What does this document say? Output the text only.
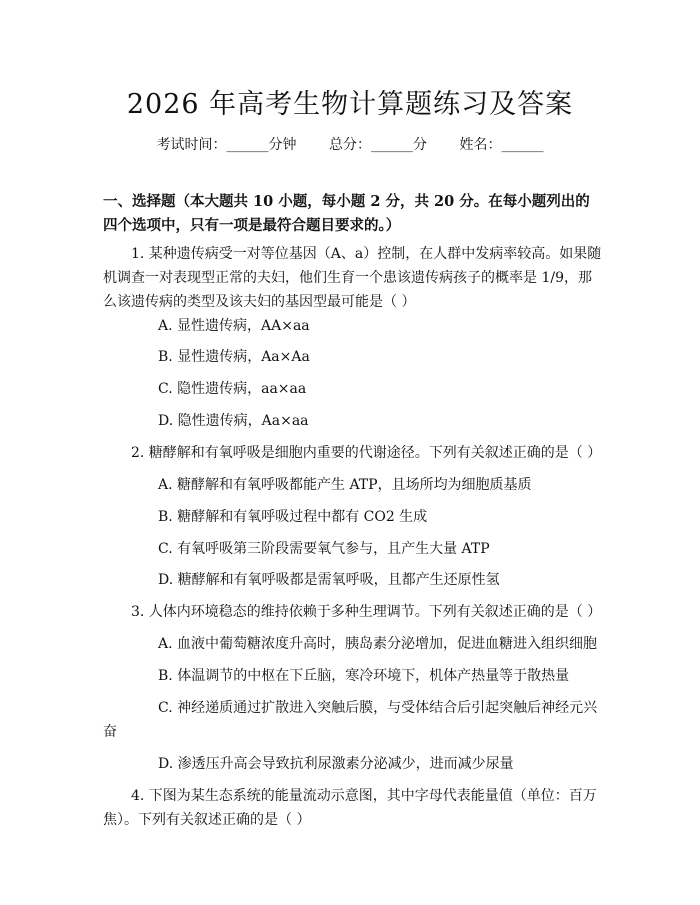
2026 年高考生物计算题练习及答案
考试时间：______分钟 总分：______分 姓名：______
一、选择题（本大题共 10 小题，每小题 2 分，共 20 分。在每小题列出的四个选项中，只有一项是最符合题目要求的。）
1. 某种遗传病受一对等位基因（A、a）控制，在人群中发病率较高。如果随机调查一对表现型正常的夫妇，他们生育一个患该遗传病孩子的概率是 1/9，那么该遗传病的类型及该夫妇的基因型最可能是（ ）
A. 显性遗传病，AA×aa
B. 显性遗传病，Aa×Aa
C. 隐性遗传病，aa×aa
D. 隐性遗传病，Aa×aa
2. 糖酵解和有氧呼吸是细胞内重要的代谢途径。下列有关叙述正确的是（ ）
A. 糖酵解和有氧呼吸都能产生 ATP，且场所均为细胞质基质
B. 糖酵解和有氧呼吸过程中都有 CO2 生成
C. 有氧呼吸第三阶段需要氧气参与，且产生大量 ATP
D. 糖酵解和有氧呼吸都是需氧呼吸，且都产生还原性氢
3. 人体内环境稳态的维持依赖于多种生理调节。下列有关叙述正确的是（ ）
A. 血液中葡萄糖浓度升高时，胰岛素分泌增加，促进血糖进入组织细胞
B. 体温调节的中枢在下丘脑，寒冷环境下，机体产热量等于散热量
C. 神经递质通过扩散进入突触后膜，与受体结合后引起突触后神经元兴
奋
D. 渗透压升高会导致抗利尿激素分泌减少，进而减少尿量
4. 下图为某生态系统的能量流动示意图，其中字母代表能量值（单位：百万焦）。下列有关叙述正确的是（ ）
